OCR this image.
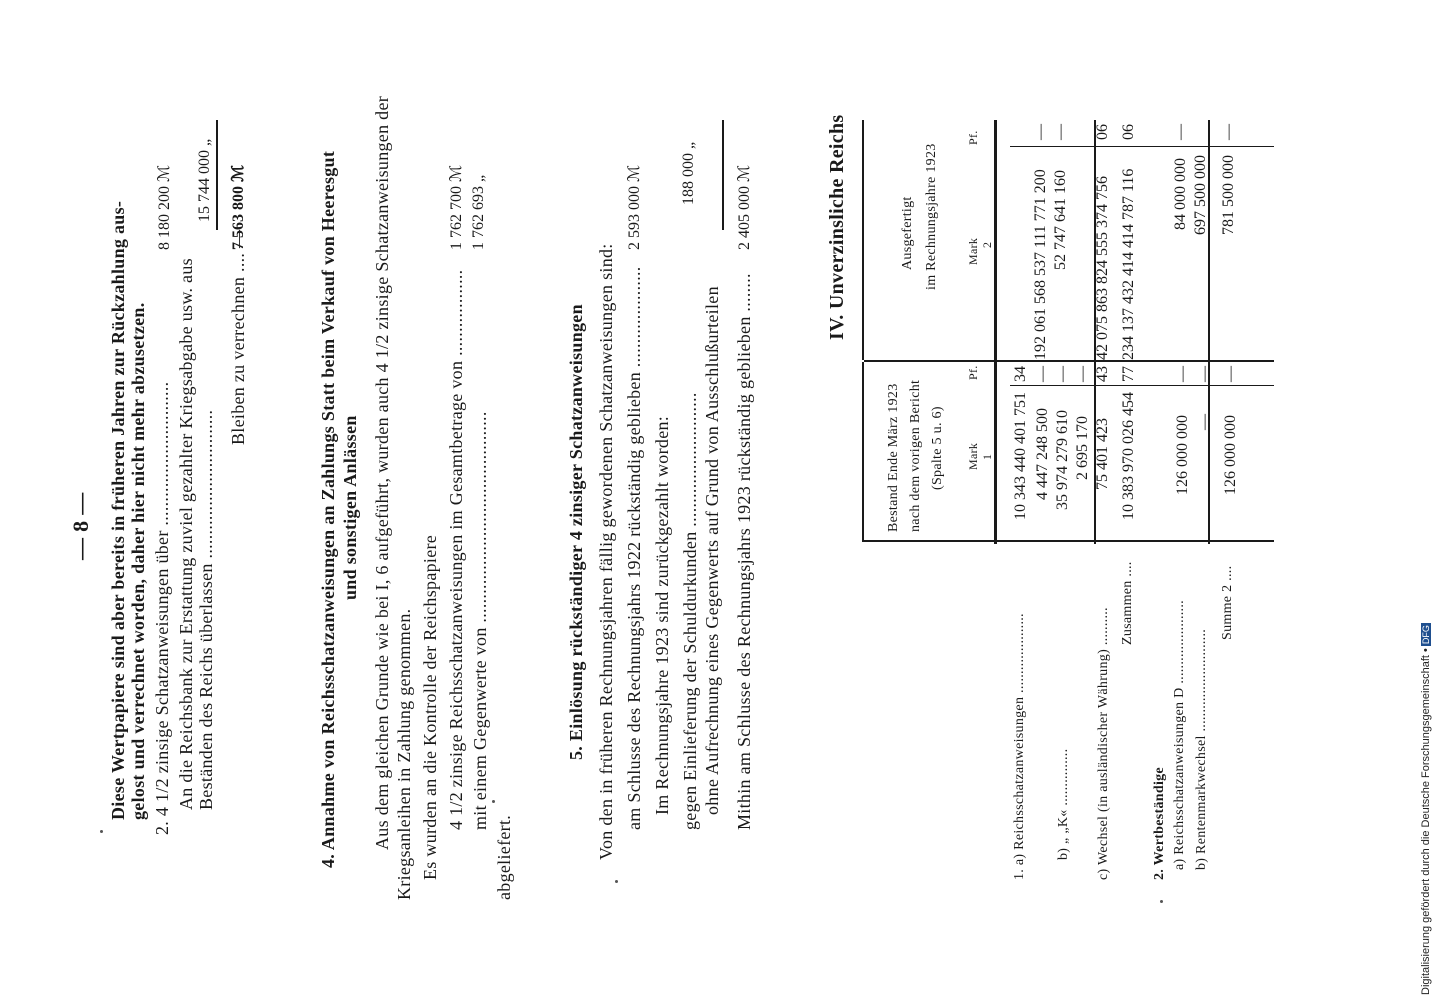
— 8 — Diese Wertpapiere sind aber bereits in früheren Jahren zur Rückzahlung aus- gelost und verrechnet worden, daher hier nicht mehr abzusetzen. 2. 4 1/2 zinsige Schatzanweisungen über ..............................
8 180 200 ℳ
An die Reichsbank zur Erstattung zuviel gezahlter Kriegsabgabe usw. aus Beständen des Reichs überlassen ...............................
15 744 000 „
Bleiben zu verrechnen .... —
7 563 800 ℳ	4. Annahme von Reichsschatzanweisungen an Zahlungs Statt beim Verkauf von Heeresgut und sonstigen Anlässen Aus dem gleichen Grunde wie bei I, 6 aufgeführt, wurden auch 4 1/2 zinsige Schatzanweisungen der Kriegsanleihen in Zahlung genommen. Es wurden an die Kontrolle der Reichspapiere 4 1/2 zinsige Reichsschatzanweisungen im Gesamtbetrage von ..................
1 762 700 ℳ
mit einem Gegenwerte von ............................................
1 762 693 „
abgeliefert.
5. Einlösung rückständiger 4 zinsiger Schatzanweisungen Von den in früheren Rechnungsjahren fällig gewordenen Schatzanweisungen sind: am Schlusse des Rechnungsjahrs 1922 rückständig geblieben .....................
2 593 000 ℳ
Im Rechnungsjahre 1923 sind zurückgezahlt worden: gegen Einlieferung der Schuldurkunden ............................
188 000 „
ohne Aufrechnung eines Gegenwerts auf Grund von Ausschlußurteilen Mithin am Schlusse des Rechnungsjahrs 1923 rückständig geblieben ........
2 405 000 ℳ	IV. Unverzinsliche Reichs
Bestand Ende März 1923 nach dem vorigen Bericht (Spalte 5 u. 6) Mark 1
Pf.
Ausgefertigt im Rechnungsjahre 1923 Mark 2
Pf.
1. a) Reichsschatzanweisungen .....................
10 343 440 401 751
34
192 061 568 537 111 771 200
—
b) „ „K« ...............
4 447 248 500
—
52 747 641 160
—
35 974 279 610
—
2 695 170
—
c) Wechsel (in ausländischer Währung) ..........
75 401 423
43
42 075 863 824 555 374 756
06
Zusammen ....
10 383 970 026 454
77
234 137 432 414 414 787 116
06
2. Wertbeständige a) Reichsschatzanweisungen D ......................
126 000 000
—
84 000 000
—
b) Rentenmarkwechsel ...........................
—
—
697 500 000
Summe 2 ....
126 000 000
—
781 500 000
—
Digitalisierung gefördert durch die Deutsche Forschungsgemeinschaft •DFG
